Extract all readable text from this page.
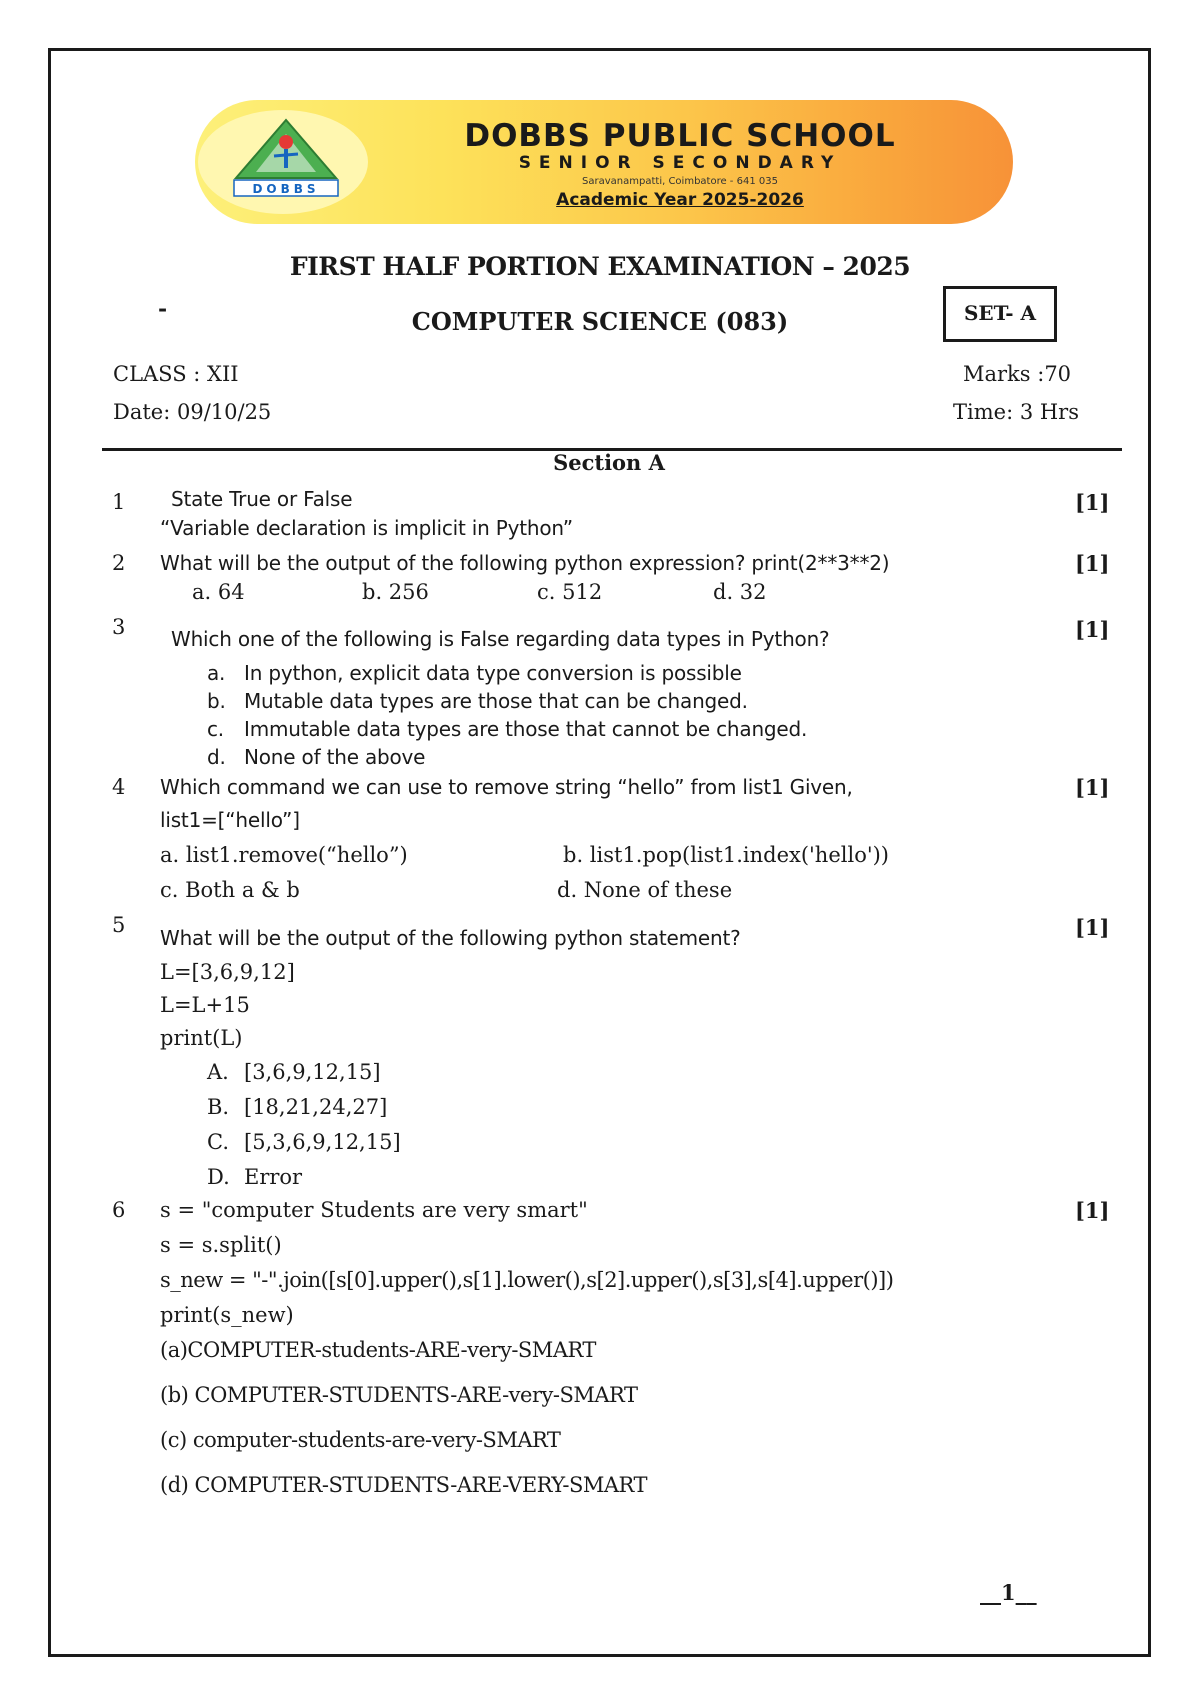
DOBBS
DOBBS PUBLIC SCHOOL
SENIOR SECONDARY
Saravanampatti, Coimbatore - 641 035
Academic Year 2025-2026
FIRST HALF PORTION EXAMINATION – 2025
-	COMPUTER SCIENCE (083)	SET- A
CLASS : XII	Marks :70
Date: 09/10/25	Time: 3 Hrs
Section A
1	[1]
State True or False
“Variable declaration is implicit in Python”
2	[1]
What will be the output of the following python expression? print(2**3**2)
a. 64	b. 256	c. 512	d. 32
3	[1]
Which one of the following is False regarding data types in Python?
a. In python, explicit data type conversion is possible
b. Mutable data types are those that can be changed.
c. Immutable data types are those that cannot be changed.
d. None of the above
4	[1]
Which command we can use to remove string “hello” from list1 Given,
list1=[“hello”]
a. list1.remove(“hello”)	b. list1.pop(list1.index('hello'))
c. Both a & b	d. None of these
5	[1]
What will be the output of the following python statement?
L=[3,6,9,12]
L=L+15
print(L)
A. [3,6,9,12,15]
B. [18,21,24,27]
C. [5,3,6,9,12,15]
D. Error
6	[1]
s = "computer Students are very smart"
s = s.split()
s_new = "-".join([s[0].upper(),s[1].lower(),s[2].upper(),s[3],s[4].upper()])
print(s_new)
(a)COMPUTER-students-ARE-very-SMART
(b) COMPUTER-STUDENTS-ARE-very-SMART
(c) computer-students-are-very-SMART
(d) COMPUTER-STUDENTS-ARE-VERY-SMART
__1__
